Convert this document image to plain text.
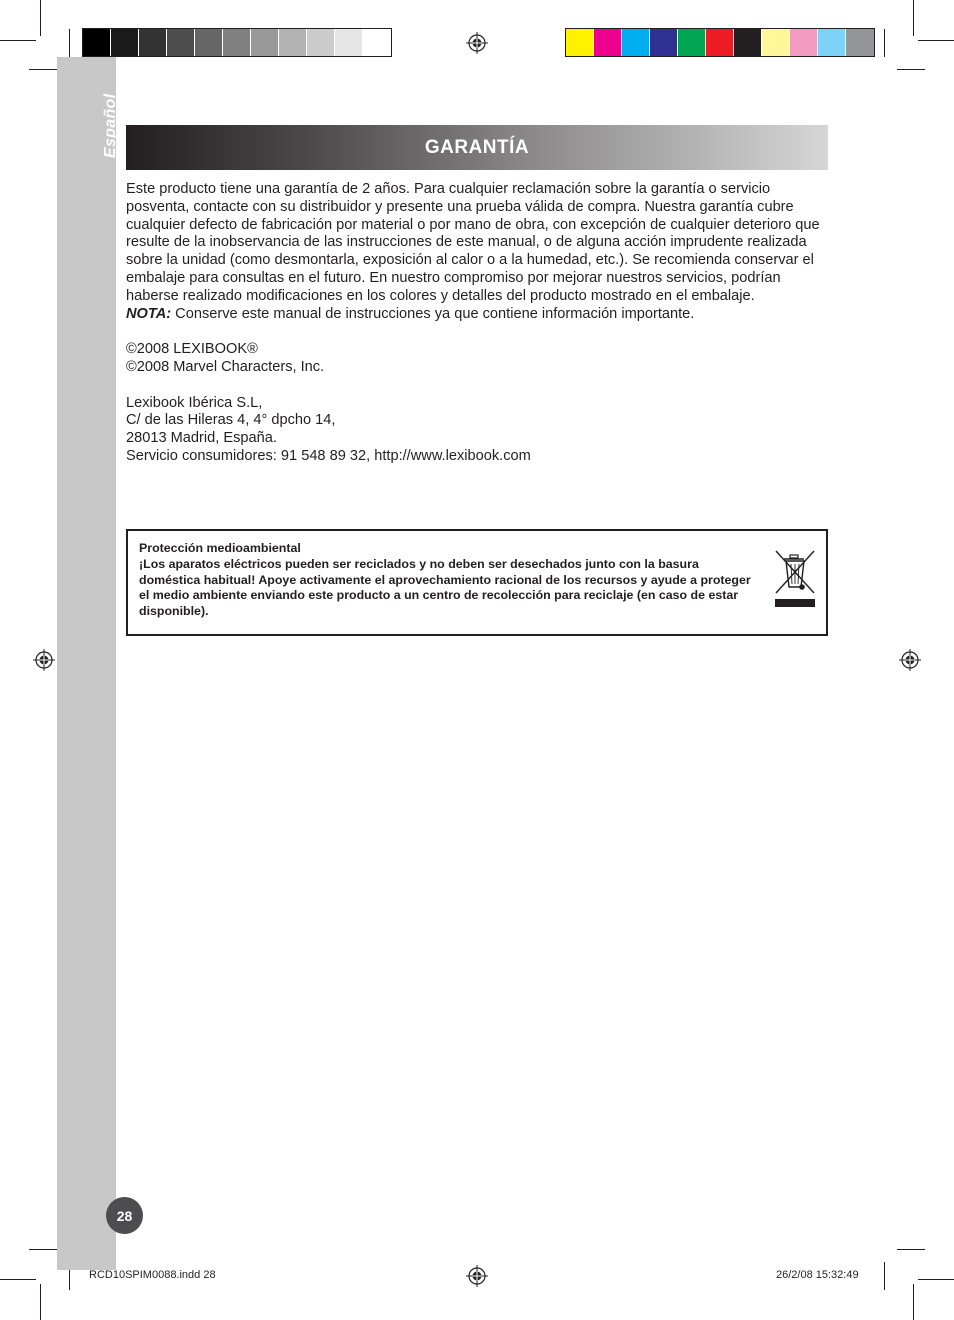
Español	GARANTÍA

Este producto tiene una garantía de 2 años. Para cualquier reclamación sobre la garantía o servicio posventa, contacte con su distribuidor y presente una prueba válida de compra. Nuestra garantía cubre cualquier defecto de fabricación por material o por mano de obra, con excepción de cualquier deterioro que resulte de la inobservancia de las instrucciones de este manual, o de alguna acción imprudente realizada sobre la unidad (como desmontarla, exposición al calor o a la humedad, etc.). Se recomienda conservar el embalaje para consultas en el futuro. En nuestro compromiso por mejorar nuestros servicios, podrían haberse realizado modificaciones en los colores y detalles del producto mostrado en el embalaje.

NOTA: Conserve este manual de instrucciones ya que contiene información importante.

©2008 LEXIBOOK®

©2008 Marvel Characters, Inc.

Lexibook Ibérica S.L,

C/ de las Hileras 4, 4° dpcho 14,

28013 Madrid, España.

Servicio consumidores: 91 548 89 32, http://www.lexibook.com

Protección medioambiental

¡Los aparatos eléctricos pueden ser reciclados y no deben ser desechados junto con la basura doméstica habitual! Apoye activamente el aprovechamiento racional de los recursos y ayude a proteger el medio ambiente enviando este producto a un centro de recolección para reciclaje (en caso de estar disponible).

28
RCD10SPIM0088.indd 28	26/2/08 15:32:49
